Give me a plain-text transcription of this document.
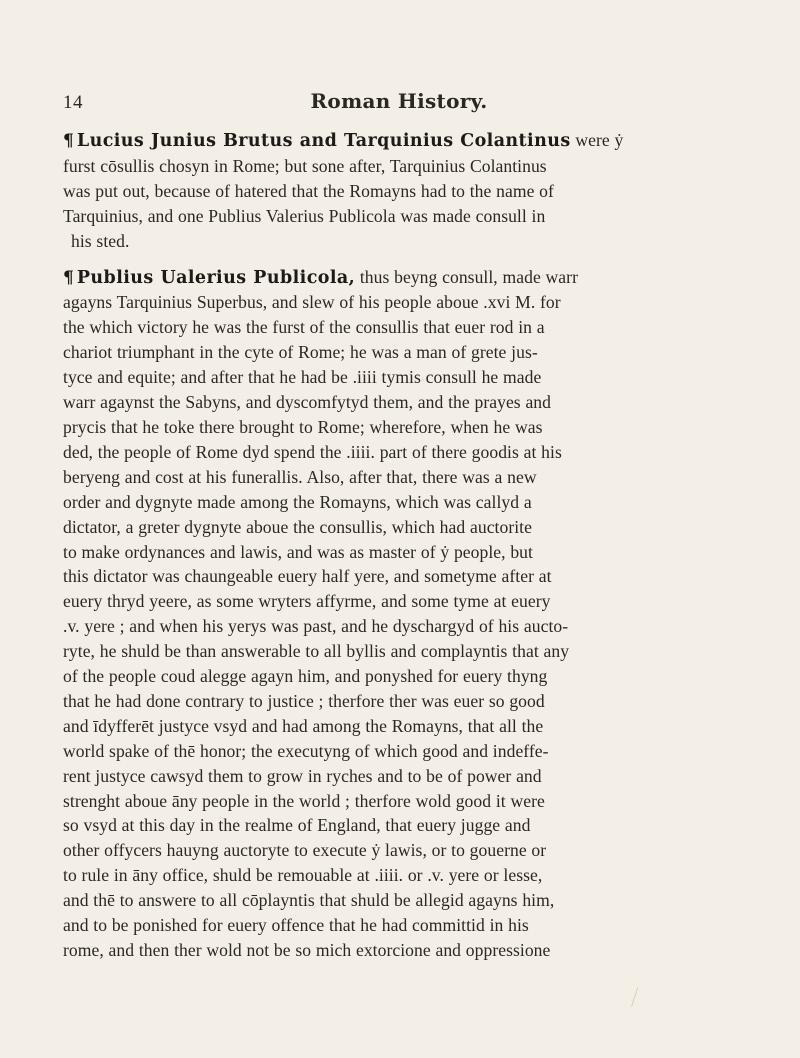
14	Roman History.

¶ Lucius Junius Brutus and Tarquinius Colantinus were ẏ
furst cōsullis chosyn in Rome; but sone after, Tarquinius Colantinus
was put out, because of hatered that the Romayns had to the name of
Tarquinius, and one Publius Valerius Publicola was made consull in
his sted.

¶ Publius Ualerius Publicola, thus beyng consull, made warr
agayns Tarquinius Superbus, and slew of his people aboue .xvi M. for
the which victory he was the furst of the consullis that euer rod in a
chariot triumphant in the cyte of Rome; he was a man of grete jus-
tyce and equite; and after that he had be .iiii tymis consull he made
warr agaynst the Sabyns, and dyscomfytyd them, and the prayes and
prycis that he toke there brought to Rome; wherefore, when he was
ded, the people of Rome dyd spend the .iiii. part of there goodis at his
beryeng and cost at his funerallis. Also, after that, there was a new
order and dygnyte made among the Romayns, which was callyd a
dictator, a greter dygnyte aboue the consullis, which had auctorite
to make ordynances and lawis, and was as master of ẏ people, but
this dictator was chaungeable euery half yere, and sometyme after at
euery thryd yeere, as some wryters affyrme, and some tyme at euery
.v. yere ; and when his yerys was past, and he dyschargyd of his aucto-
ryte, he shuld be than answerable to all byllis and complayntis that any
of the people coud alegge agayn him, and ponyshed for euery thyng
that he had done contrary to justice ; therfore ther was euer so good
and īdyfferēt justyce vsyd and had among the Romayns, that all the
world spake of thē honor; the executyng of which good and indeffe-
rent justyce cawsyd them to grow in ryches and to be of power and
strenght aboue āny people in the world ; therfore wold good it were
so vsyd at this day in the realme of England, that euery jugge and
other offycers hauyng auctoryte to execute ẏ lawis, or to gouerne or
to rule in āny office, shuld be remouable at .iiii. or .v. yere or lesse,
and thē to answere to all cōplayntis that shuld be allegid agayns him,
and to be ponished for euery offence that he had committid in his
rome, and then ther wold not be so mich extorcione and oppressione
